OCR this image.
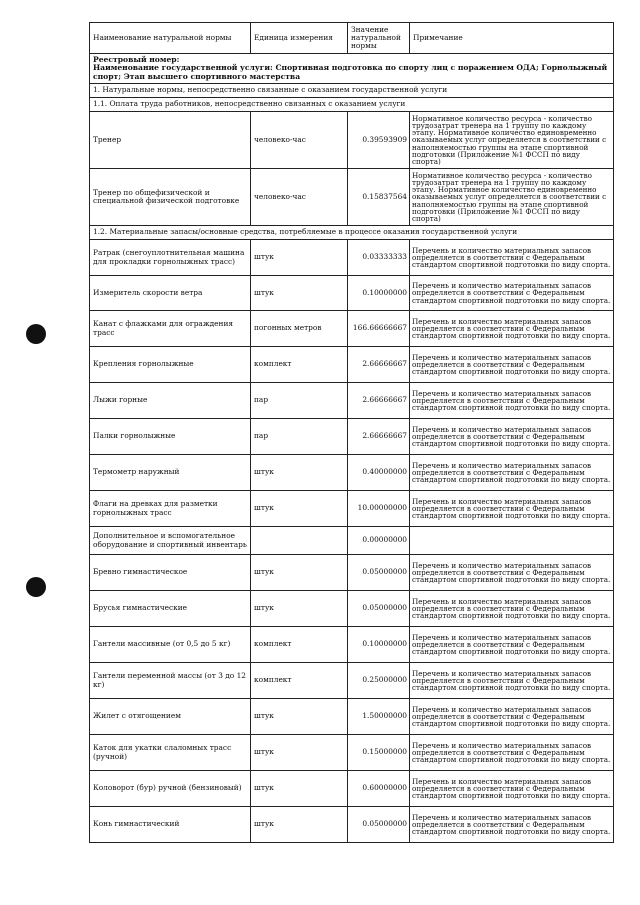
Наименование натуральной нормы	Единица измерения	Значение натуральной нормы	Примечание

Реестровый номер:
Наименование государственной услуги: Спортивная подготовка по спорту лиц с поражением ОДА; Горнолыжный спорт; Этап высшего спортивного мастерства			

1. Натуральные нормы, непосредственно связанные с оказанием государственной услуги			
1.1. Оплата труда работников, непосредственно связанных с оказанием услуги			
Тренер	человеко-час	0.39593909	Нормативное количество ресурса - количество трудозатрат тренера на 1 группу по каждому этапу. Нормативное количество единовременно оказываемых услуг определяется в соответствии с наполняемостью группы на этапе спортивной подготовки (Приложение №1 ФССП по виду спорта)
Тренер по общефизической и специальной физической подготовке	человеко-час	0.15837564	Нормативное количество ресурса - количество трудозатрат тренера на 1 группу по каждому этапу. Нормативное количество единовременно оказываемых услуг определяется в соответствии с наполняемостью группы на этапе спортивной подготовки (Приложение №1 ФССП по виду спорта)
1.2. Материальные запасы/основные средства, потребляемые в процессе оказания государственной услуги			
Ратрак (снегоуплотнительная машина для прокладки горнолыжных трасс)	штук	0.03333333	Перечень и количество материальных запасов определяется в соответствии с Федеральным стандартом спортивной подготовки по виду спорта.
Измеритель скорости ветра	штук	0.10000000	Перечень и количество материальных запасов определяется в соответствии с Федеральным стандартом спортивной подготовки по виду спорта.
Канат с флажками для ограждения трасс	погонных метров	166.66666667	Перечень и количество материальных запасов определяется в соответствии с Федеральным стандартом спортивной подготовки по виду спорта.
Крепления горнолыжные	комплект	2.66666667	Перечень и количество материальных запасов определяется в соответствии с Федеральным стандартом спортивной подготовки по виду спорта.
Лыжи горные	пар	2.66666667	Перечень и количество материальных запасов определяется в соответствии с Федеральным стандартом спортивной подготовки по виду спорта.
Палки горнолыжные	пар	2.66666667	Перечень и количество материальных запасов определяется в соответствии с Федеральным стандартом спортивной подготовки по виду спорта.
Термометр наружный	штук	0.40000000	Перечень и количество материальных запасов определяется в соответствии с Федеральным стандартом спортивной подготовки по виду спорта.
Флаги на древках для разметки горнолыжных трасс	штук	10.00000000	Перечень и количество материальных запасов определяется в соответствии с Федеральным стандартом спортивной подготовки по виду спорта.
Дополнительное и вспомогательное оборудование и спортивный инвентарь		0.00000000	
Бревно гимнастическое	штук	0.05000000	Перечень и количество материальных запасов определяется в соответствии с Федеральным стандартом спортивной подготовки по виду спорта.
Брусья гимнастические	штук	0.05000000	Перечень и количество материальных запасов определяется в соответствии с Федеральным стандартом спортивной подготовки по виду спорта.
Гантели массивные (от 0,5 до 5 кг)	комплект	0.10000000	Перечень и количество материальных запасов определяется в соответствии с Федеральным стандартом спортивной подготовки по виду спорта.
Гантели переменной массы (от 3 до 12 кг)	комплект	0.25000000	Перечень и количество материальных запасов определяется в соответствии с Федеральным стандартом спортивной подготовки по виду спорта.
Жилет с отягощением	штук	1.50000000	Перечень и количество материальных запасов определяется в соответствии с Федеральным стандартом спортивной подготовки по виду спорта.
Каток для укатки слаломных трасс (ручной)	штук	0.15000000	Перечень и количество материальных запасов определяется в соответствии с Федеральным стандартом спортивной подготовки по виду спорта.
Коловорот (бур) ручной (бензиновый)	штук	0.60000000	Перечень и количество материальных запасов определяется в соответствии с Федеральным стандартом спортивной подготовки по виду спорта.
Конь гимнастический	штук	0.05000000	Перечень и количество материальных запасов определяется в соответствии с Федеральным стандартом спортивной подготовки по виду спорта.
